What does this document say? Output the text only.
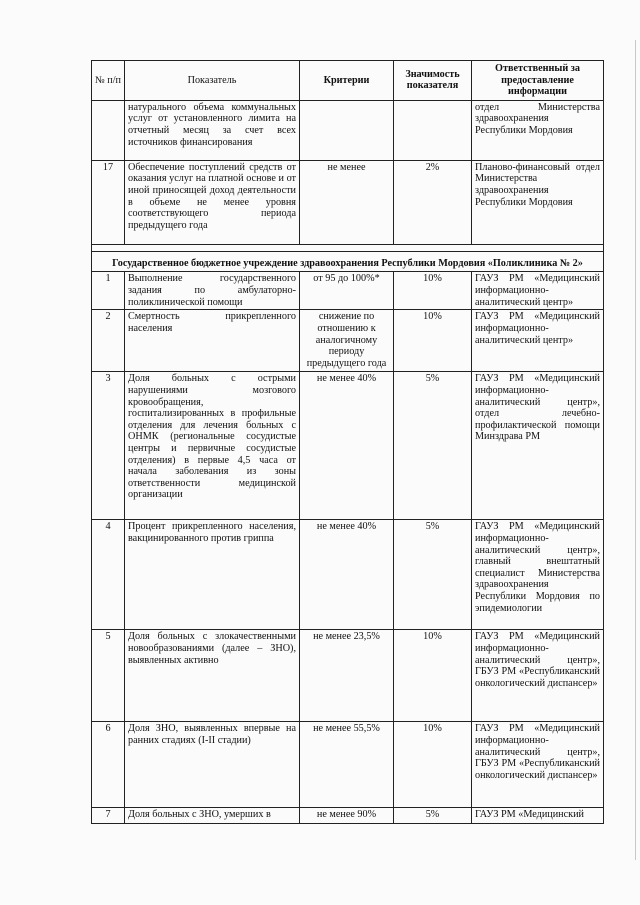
№ п/п	Показатель	Критерии	Значимость показателя	Ответственный за предоставление информации
	натурального объема коммунальных услуг от установленного лимита на отчетный месяц за счет всех источников финансирования			отдел Министерства здравоохранения Республики Мордовия
17	Обеспечение поступлений средств от оказания услуг на платной основе и от иной приносящей доход деятельности в объеме не менее уровня соответствующего периода предыдущего года	не менее	2%	Планово-финансовый отдел Министерства здравоохранения Республики Мордовия

Государственное бюджетное учреждение здравоохранения Республики Мордовия «Поликлиника № 2»				
1	Выполнение государственного задания по амбулаторно-поликлинической помощи	от 95 до 100%*	10%	ГАУЗ РМ «Медицинский информационно-аналитический центр»
2	Смертность прикрепленного населения	снижение по отношению к аналогичному периоду предыдущего года	10%	ГАУЗ РМ «Медицинский информационно-аналитический центр»
3	Доля больных с острыми нарушениями мозгового кровообращения, госпитализированных в профильные отделения для лечения больных с ОНМК (региональные сосудистые центры и первичные сосудистые отделения) в первые 4,5 часа от начала заболевания из зоны ответственности медицинской организации	не менее 40%	5%	ГАУЗ РМ «Медицинский информационно-аналитический центр», отдел лечебно-профилактической помощи Минздрава РМ
4	Процент прикрепленного населения, вакцинированного против гриппа	не менее 40%	5%	ГАУЗ РМ «Медицинский информационно-аналитический центр», главный внештатный специалист Министерства здравоохранения Республики Мордовия по эпидемиологии
5	Доля больных с злокачественными новообразованиями (далее – ЗНО), выявленных активно	не менее 23,5%	10%	ГАУЗ РМ «Медицинский информационно-аналитический центр», ГБУЗ РМ «Республиканский онкологический диспансер»
6	Доля ЗНО, выявленных впервые на ранних стадиях (I-II стадии)	не менее 55,5%	10%	ГАУЗ РМ «Медицинский информационно-аналитический центр», ГБУЗ РМ «Республиканский онкологический диспансер»
7	Доля больных с ЗНО, умерших в	не менее 90%	5%	ГАУЗ РМ «Медицинский
